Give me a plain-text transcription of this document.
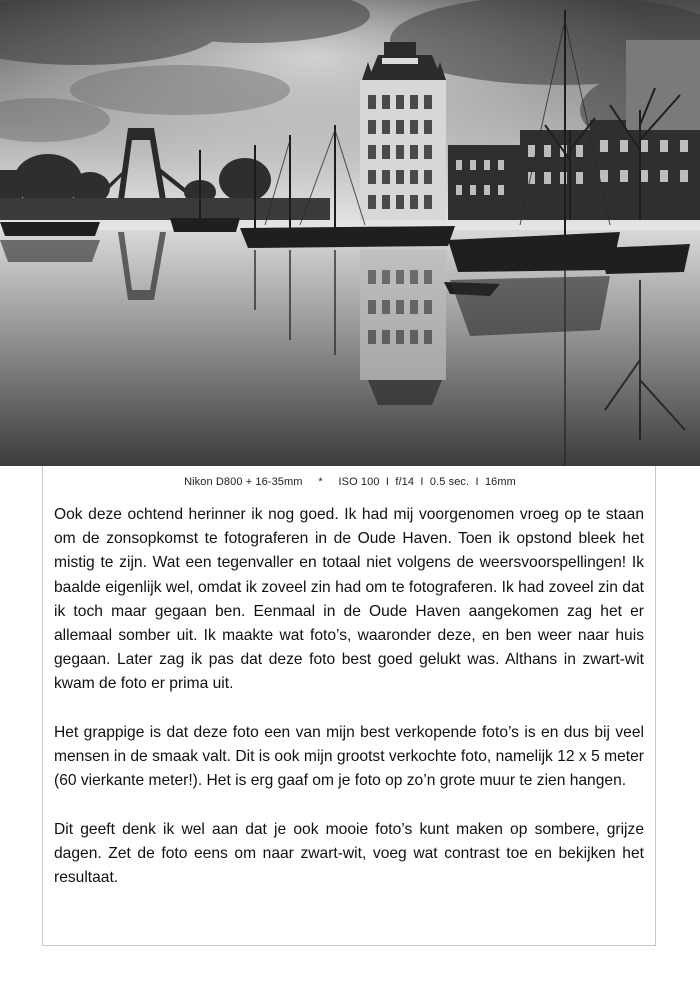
Nikon D800 + 16-35mm * ISO 100  I  f/14  I  0.5 sec.  I  16mm

Ook deze ochtend herinner ik nog goed. Ik had mij voorgenomen vroeg op te staan om de zonsopkomst te fotograferen in de Oude Haven. Toen ik opstond bleek het mistig te zijn. Wat een tegenvaller en totaal niet volgens de weersvoorspellingen! Ik baalde eigenlijk wel, omdat ik zoveel zin had om te fotograferen. Ik had zoveel zin dat ik toch maar gegaan ben. Eenmaal in de Oude Haven aangekomen zag het er allemaal somber uit. Ik maakte wat foto’s, waaronder deze, en ben weer naar huis gegaan. Later zag ik pas dat deze foto best goed gelukt was. Althans in zwart-wit kwam de foto er prima uit.

Het grappige is dat deze foto een van mijn best verkopende foto’s is en dus bij veel mensen in de smaak valt. Dit is ook mijn grootst verkochte foto, namelijk 12 x 5 meter (60 vierkante meter!). Het is erg gaaf om je foto op zo’n grote muur te zien hangen.

Dit geeft denk ik wel aan dat je ook mooie foto’s kunt maken op sombere, grijze dagen. Zet de foto eens om naar zwart-wit, voeg wat contrast toe en bekijken het resultaat.
